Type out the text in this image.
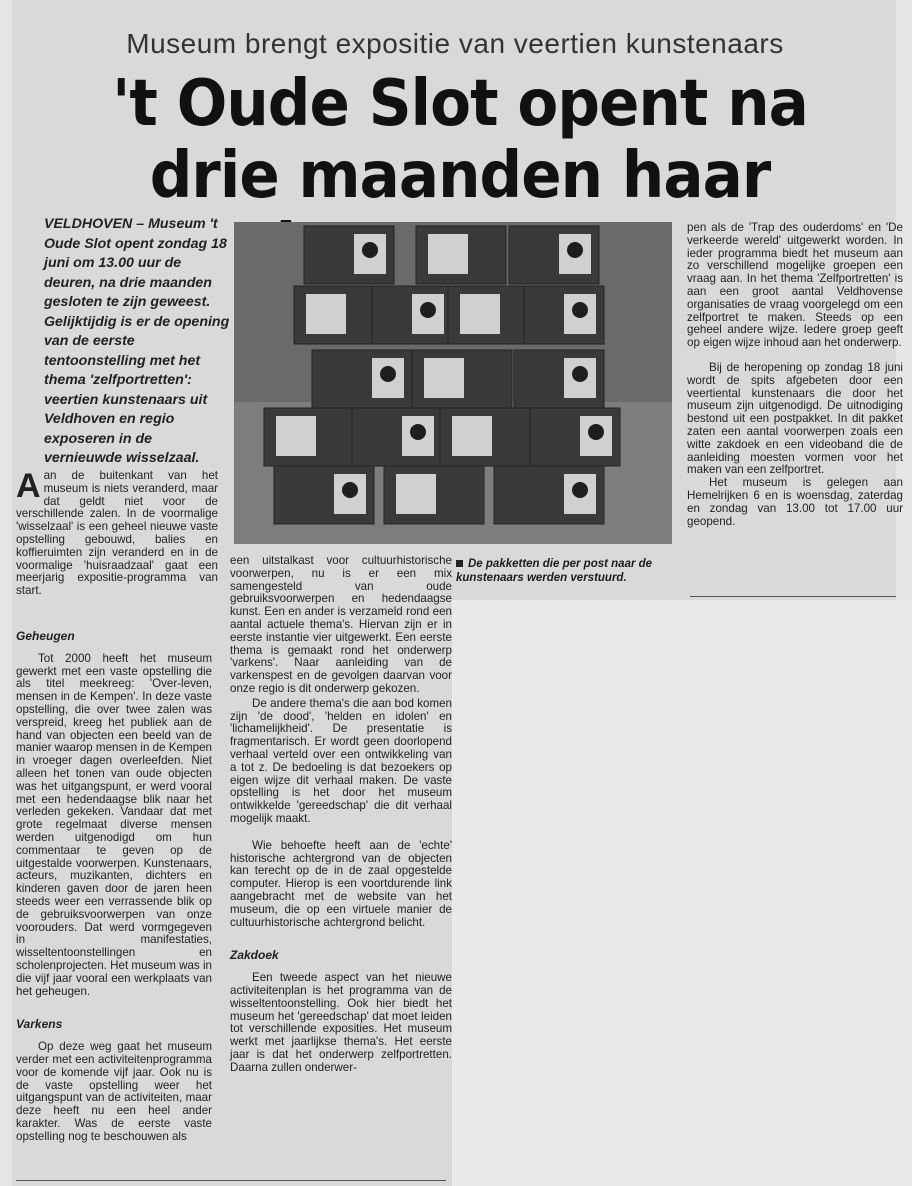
Museum brengt expositie van veertien kunstenaars
't Oude Slot opent na drie maanden haar
VELDHOVEN – Museum 't Oude Slot opent zondag 18 juni om 13.00 uur de deuren, na drie maanden gesloten te zijn geweest. Gelijktijdig is er de opening van de eerste tentoonstelling met het thema 'zelfportretten': veertien kunstenaars uit Veldhoven en regio exposeren in de vernieuwde wisselzaal.
De pakketten die per post naar de kunstenaars werden verstuurd.

Aan de buitenkant van het museum is niets veranderd, maar dat geldt niet voor de verschillende zalen. In de voormalige 'wisselzaal' is een geheel nieuwe vaste opstelling gebouwd, balies en koffieruimten zijn veranderd en in de voormalige 'huisraadzaal' gaat een meerjarig expositie-programma van start.

Geheugen

Tot 2000 heeft het museum gewerkt met een vaste opstelling die als titel meekreeg: 'Over-leven, mensen in de Kempen'. In deze vaste opstelling, die over twee zalen was verspreid, kreeg het publiek aan de hand van objecten een beeld van de manier waarop mensen in de Kempen in vroeger dagen overleefden. Niet alleen het tonen van oude objecten was het uitgangspunt, er werd vooral met een hedendaagse blik naar het verleden gekeken. Vandaar dat met grote regelmaat diverse mensen werden uitgenodigd om hun commentaar te geven op de uitgestalde voorwerpen. Kunstenaars, acteurs, muzikanten, dichters en kinderen gaven door de jaren heen steeds weer een verrassende blik op de gebruiksvoorwerpen van onze voorouders. Dat werd vormgegeven in manifestaties, wisseltentoonstellingen en scholenprojecten. Het museum was in die vijf jaar vooral een werkplaats van het geheugen.

Varkens

Op deze weg gaat het museum verder met een activiteitenprogramma voor de komende vijf jaar. Ook nu is de vaste opstelling weer het uitgangspunt van de activiteiten, maar deze heeft nu een heel ander karakter. Was de eerste vaste opstelling nog te beschouwen als

een uitstalkast voor cultuurhistorische voorwerpen, nu is er een mix samengesteld van oude gebruiksvoorwerpen en hedendaagse kunst. Een en ander is verzameld rond een aantal actuele thema's. Hiervan zijn er in eerste instantie vier uitgewerkt. Een eerste thema is gemaakt rond het onderwerp 'varkens'. Naar aanleiding van de varkenspest en de gevolgen daarvan voor onze regio is dit onderwerp gekozen.

De andere thema's die aan bod komen zijn 'de dood', 'helden en idolen' en 'lichamelijkheid'. De presentatie is fragmentarisch. Er wordt geen doorlopend verhaal verteld over een ontwikkeling van a tot z. De bedoeling is dat bezoekers op eigen wijze dit verhaal maken. De vaste opstelling is het door het museum ontwikkelde 'gereedschap' die dit verhaal mogelijk maakt.

Wie behoefte heeft aan de 'echte' historische achtergrond van de objecten kan terecht op de in de zaal opgestelde computer. Hierop is een voortdurende link aangebracht met de website van het museum, die op een virtuele manier de cultuurhistorische achtergrond belicht.

Zakdoek

Een tweede aspect van het nieuwe activiteitenplan is het programma van de wisseltentoonstelling. Ook hier biedt het museum het 'gereedschap' dat moet leiden tot verschillende exposities. Het museum werkt met jaarlijkse thema's. Het eerste jaar is dat het onderwerp zelfportretten. Daarna zullen onderwer-

pen als de 'Trap des ouderdoms' en 'De verkeerde wereld' uitgewerkt worden. In ieder programma biedt het museum aan zo verschillend mogelijke groepen een vraag aan. In het thema 'Zelfportretten' is aan een groot aantal Veldhovense organisaties de vraag voorgelegd om een zelfportret te maken. Steeds op een geheel andere wijze. Iedere groep geeft op eigen wijze inhoud aan het onderwerp.

Bij de heropening op zondag 18 juni wordt de spits afgebeten door een veertiental kunstenaars die door het museum zijn uitgenodigd. De uitnodiging bestond uit een postpakket. In dit pakket zaten een aantal voorwerpen zoals een witte zakdoek en een videoband die de aanleiding moesten vormen voor het maken van een zelfportret.

Het museum is gelegen aan Hemelrijken 6 en is woensdag, zaterdag en zondag van 13.00 tot 17.00 uur geopend.
